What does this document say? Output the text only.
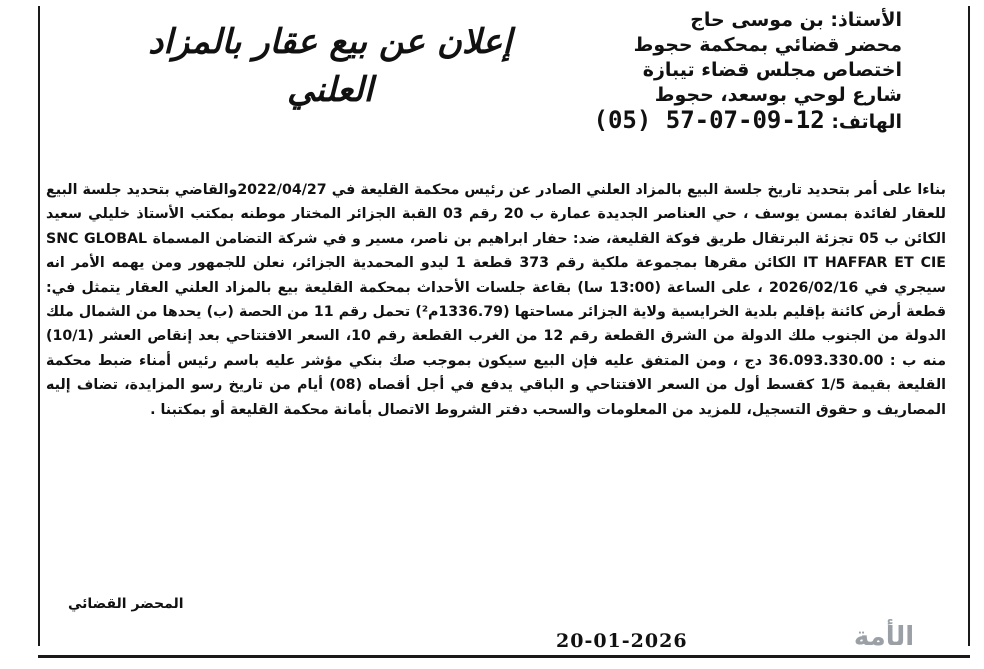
الأستاذ: بن موسى حاج
محضر قضائي بمحكمة حجوط
اختصاص مجلس قضاء تيبازة
شارع لوحي بوسعد، حجوط
الهاتف: (05) 57-07-09-12
إعلان عن بيع عقار بالمزاد العلني
بناءا على أمر بتحديد تاريخ جلسة البيع بالمزاد العلني الصادر عن رئيس محكمة القليعة في 2022/04/27والقاضي بتحديد جلسة البيع للعقار لفائدة بمسن يوسف ، حي العناصر الجديدة عمارة ب 20 رقم 03 القبة الجزائر المختار موطنه بمكتب الأستاذ خليلي سعيد الكائن ب 05 تجزئة البرتقال طريق فوكة القليعة، ضد: حفار ابراهيم بن ناصر، مسير و في شركة التضامن المسماة SNC GLOBAL IT HAFFAR ET CIE الكائن مقرها بمجموعة ملكية رقم 373 قطعة 1 ليدو المحمدية الجزائر، نعلن للجمهور ومن يهمه الأمر انه سيجري في 2026/02/16 ، على الساعة (13:00 سا) بقاعة جلسات الأحداث بمحكمة القليعة بيع بالمزاد العلني العقار يتمثل في: قطعة أرض كائنة بإقليم بلدية الخرايسية ولاية الجزائر مساحتها (1336.79م²) تحمل رقم 11 من الحصة (ب) يحدها من الشمال ملك الدولة من الجنوب ملك الدولة من الشرق القطعة رقم 12 من الغرب القطعة رقم 10، السعر الافتتاحي بعد إنقاص العشر (10/1) منه ب : 36.093.330.00 دج ، ومن المتفق عليه فإن البيع سيكون بموجب صك بنكي مؤشر عليه باسم رئيس أمناء ضبط محكمة القليعة بقيمة 1/5 كقسط أول من السعر الافتتاحي و الباقي يدفع في أجل أقصاه (08) أيام من تاريخ رسو المزايدة، تضاف إليه المصاريف و حقوق التسجيل، للمزيد من المعلومات والسحب دفتر الشروط الاتصال بأمانة محكمة القليعة أو بمكتبنا .
المحضر القضائي
20-01-2026	الأمة
